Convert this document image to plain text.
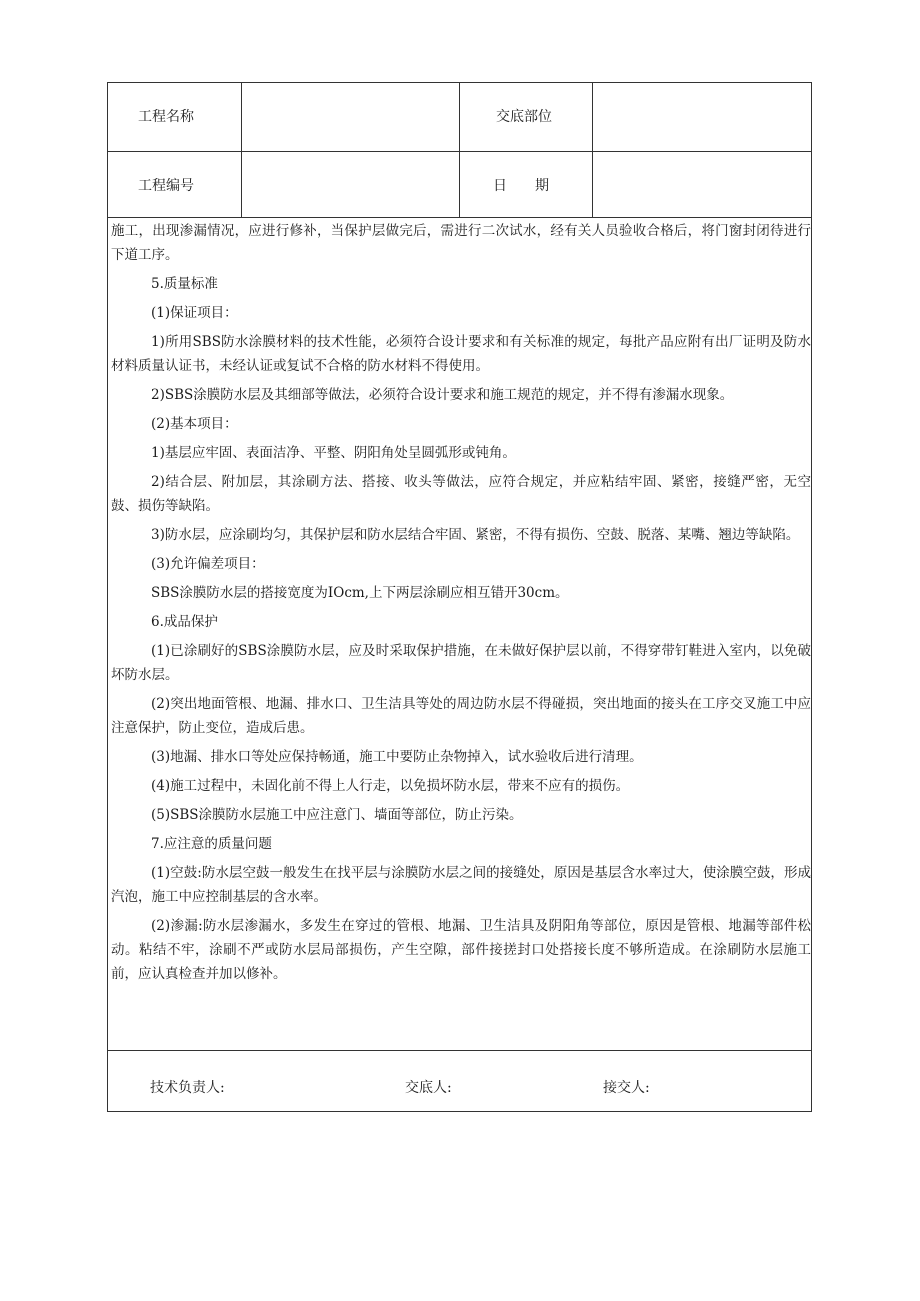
工程名称	交底部位
工程编号	日　　期

施工，出现渗漏情况，应进行修补，当保护层做完后，需进行二次试水，经有关人员验收合格后，将门窗封闭待进行下道工序。

5.质量标准

(1)保证项目：

1)所用SBS防水涂膜材料的技术性能，必须符合设计要求和有关标准的规定，每批产品应附有出厂证明及防水材料质量认证书，未经认证或复试不合格的防水材料不得使用。

2)SBS涂膜防水层及其细部等做法，必须符合设计要求和施工规范的规定，并不得有渗漏水现象。

(2)基本项目：

1)基层应牢固、表面洁净、平整、阴阳角处呈圆弧形或钝角。

2)结合层、附加层，其涂刷方法、搭接、收头等做法，应符合规定，并应粘结牢固、紧密，接缝严密，无空鼓、损伤等缺陷。

3)防水层，应涂刷均匀，其保护层和防水层结合牢固、紧密，不得有损伤、空鼓、脱落、某嘴、翘边等缺陷。

(3)允许偏差项目：

SBS涂膜防水层的搭接宽度为IOcm,上下两层涂刷应相互错开30cm。

6.成品保护

(1)已涂刷好的SBS涂膜防水层，应及时采取保护措施，在未做好保护层以前，不得穿带钉鞋进入室内，以免破坏防水层。

(2)突出地面管根、地漏、排水口、卫生洁具等处的周边防水层不得碰损，突出地面的接头在工序交叉施工中应注意保护，防止变位，造成后患。

(3)地漏、排水口等处应保持畅通，施工中要防止杂物掉入，试水验收后进行清理。

(4)施工过程中，未固化前不得上人行走，以免损坏防水层，带来不应有的损伤。

(5)SBS涂膜防水层施工中应注意门、墙面等部位，防止污染。

7.应注意的质量问题

(1)空鼓:防水层空鼓一般发生在找平层与涂膜防水层之间的接缝处，原因是基层含水率过大，使涂膜空鼓，形成汽泡，施工中应控制基层的含水率。

(2)渗漏:防水层渗漏水，多发生在穿过的管根、地漏、卫生洁具及阴阳角等部位，原因是管根、地漏等部件松动。粘结不牢，涂刷不严或防水层局部损伤，产生空隙，部件接搓封口处搭接长度不够所造成。在涂刷防水层施工前，应认真检查并加以修补。

技术负责人:	交底人:	接交人:
